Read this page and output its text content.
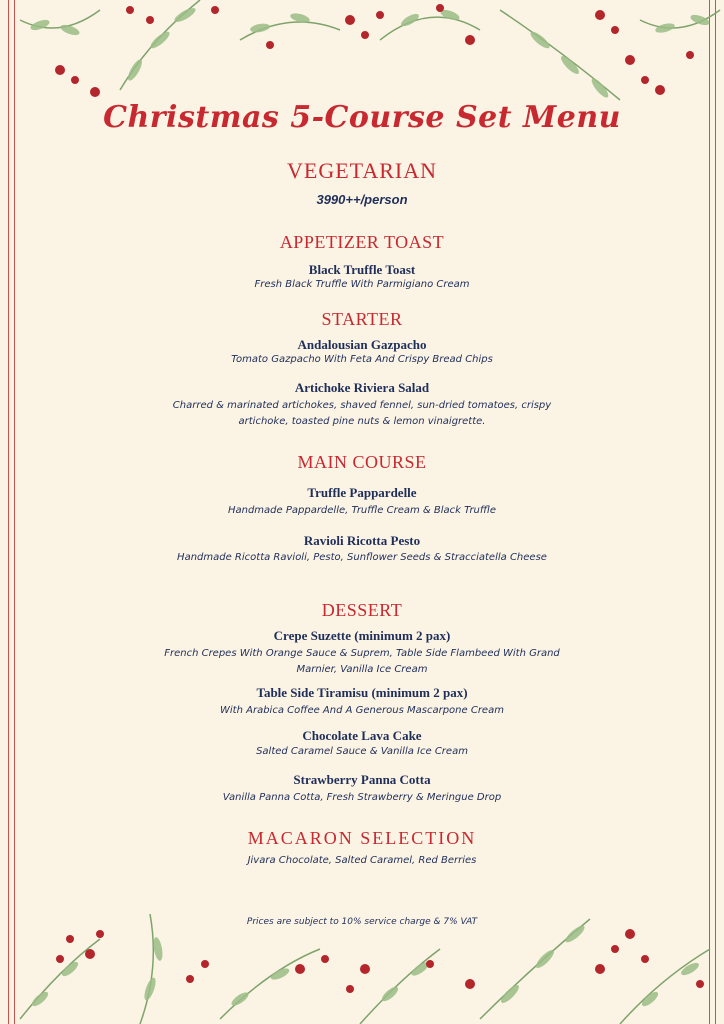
Christmas 5-Course Set Menu
VEGETARIAN
3990++/person
APPETIZER TOAST
Black Truffle Toast
Fresh Black Truffle With Parmigiano Cream
STARTER
Andalousian Gazpacho
Tomato Gazpacho With Feta And Crispy Bread Chips
Artichoke Riviera Salad
Charred & marinated artichokes, shaved fennel, sun-dried tomatoes, crispy artichoke, toasted pine nuts & lemon vinaigrette.
MAIN COURSE
Truffle Pappardelle
Handmade Pappardelle, Truffle Cream & Black Truffle
Ravioli Ricotta Pesto
Handmade Ricotta Ravioli, Pesto, Sunflower Seeds & Stracciatella Cheese
DESSERT
Crepe Suzette (minimum 2 pax)
French Crepes With Orange Sauce & Suprem, Table Side Flambeed With Grand Marnier, Vanilla Ice Cream
Table Side Tiramisu (minimum 2 pax)
With Arabica Coffee And A Generous Mascarpone Cream
Chocolate Lava Cake
Salted Caramel Sauce & Vanilla Ice Cream
Strawberry Panna Cotta
Vanilla Panna Cotta, Fresh Strawberry & Meringue Drop
MACARON SELECTION
Jivara Chocolate, Salted Caramel, Red Berries
Prices are subject to 10% service charge & 7% VAT
